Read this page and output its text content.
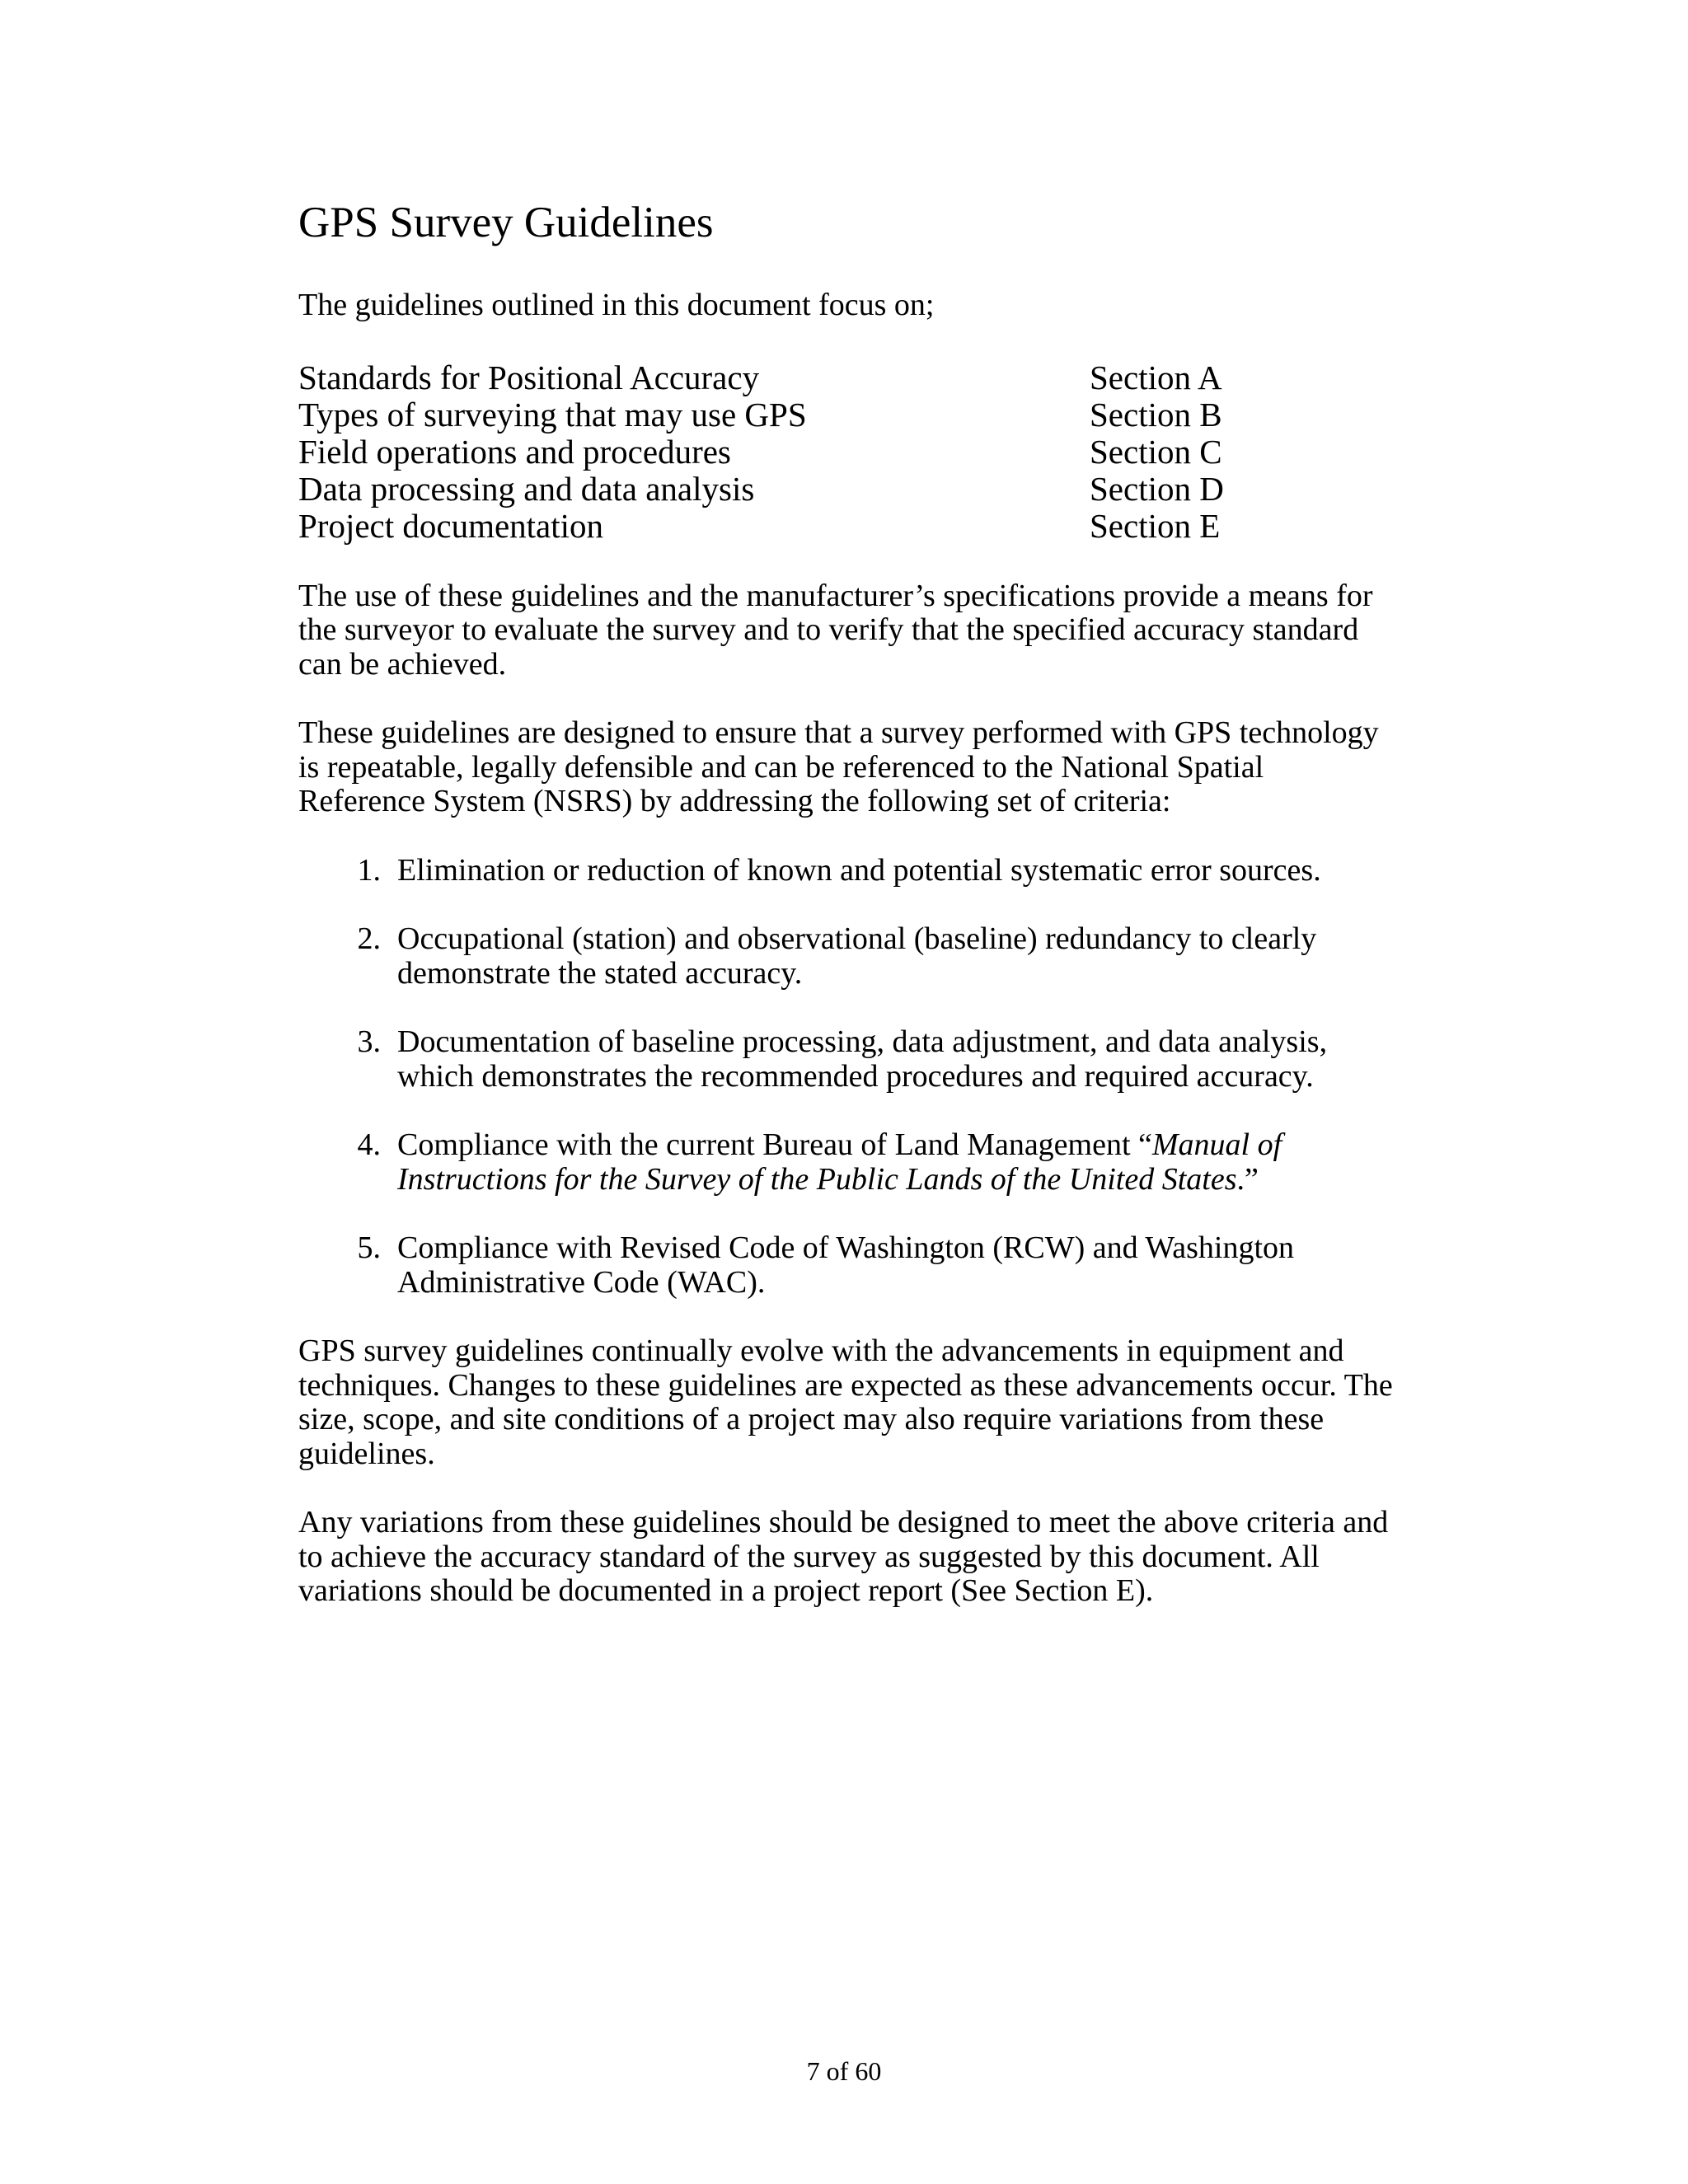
GPS Survey Guidelines

The guidelines outlined in this document focus on;

Standards for Positional Accuracy	Section A
Types of surveying that may use GPS	Section B
Field operations and procedures	Section C
Data processing and data analysis	Section D
Project documentation	Section E

The use of these guidelines and the manufacturer’s specifications provide a means for the surveyor to evaluate the survey and to verify that the specified accuracy standard can be achieved.

These guidelines are designed to ensure that a survey performed with GPS technology is repeatable, legally defensible and can be referenced to the National Spatial Reference System (NSRS) by addressing the following set of criteria:

1. Elimination or reduction of known and potential systematic error sources.
2. Occupational (station) and observational (baseline) redundancy to clearly demonstrate the stated accuracy.
3. Documentation of baseline processing, data adjustment, and data analysis, which demonstrates the recommended procedures and required accuracy.
4. Compliance with the current Bureau of Land Management “Manual of Instructions for the Survey of the Public Lands of the United States.”
5. Compliance with Revised Code of Washington (RCW) and Washington Administrative Code (WAC).

GPS survey guidelines continually evolve with the advancements in equipment and techniques. Changes to these guidelines are expected as these advancements occur. The size, scope, and site conditions of a project may also require variations from these guidelines.

Any variations from these guidelines should be designed to meet the above criteria and to achieve the accuracy standard of the survey as suggested by this document. All variations should be documented in a project report (See Section E).

7 of 60
